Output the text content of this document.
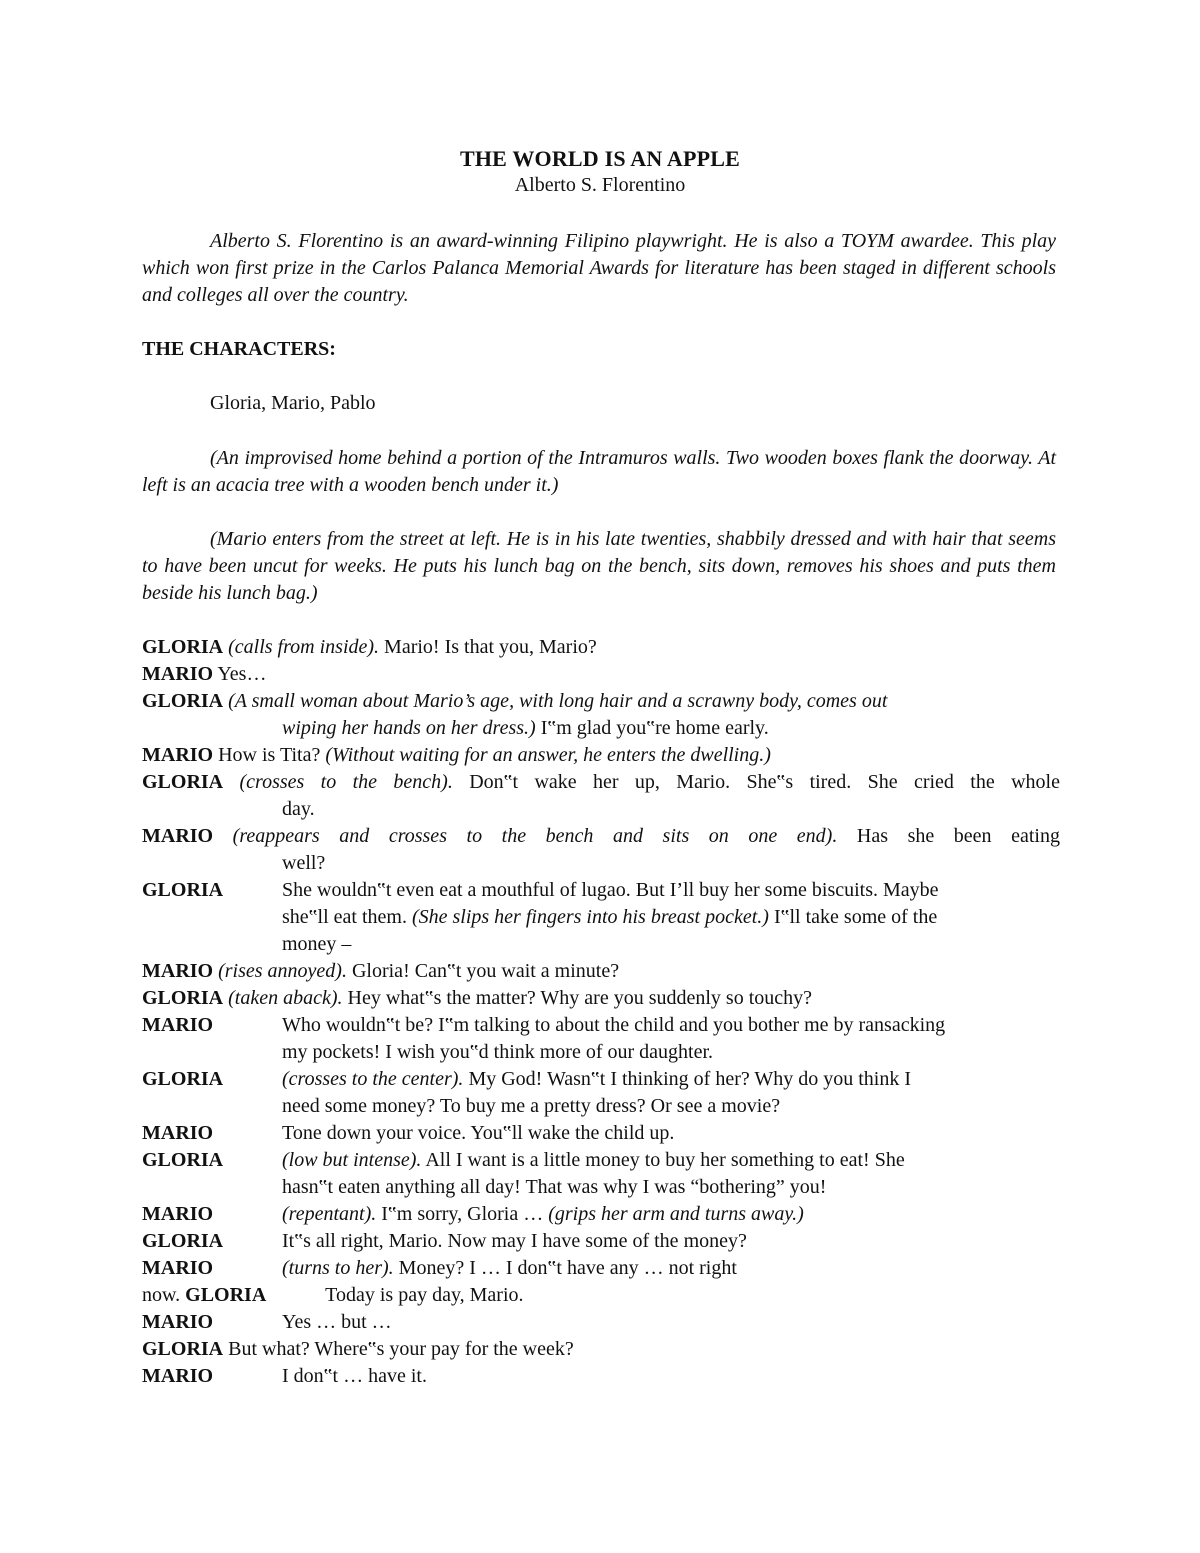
THE WORLD IS AN APPLE
Alberto S. Florentino
Alberto S. Florentino is an award-winning Filipino playwright. He is also a TOYM awardee. This play which won first prize in the Carlos Palanca Memorial Awards for literature has been staged in different schools and colleges all over the country.
THE CHARACTERS:
Gloria, Mario, Pablo
(An improvised home behind a portion of the Intramuros walls. Two wooden boxes flank the doorway. At left is an acacia tree with a wooden bench under it.)
(Mario enters from the street at left. He is in his late twenties, shabbily dressed and with hair that seems to have been uncut for weeks. He puts his lunch bag on the bench, sits down, removes his shoes and puts them beside his lunch bag.)
GLORIA (calls from inside). Mario! Is that you, Mario?
MARIO Yes…
GLORIA (A small woman about Mario’s age, with long hair and a scrawny body, comes out
wiping her hands on her dress.) I‟m glad you‟re home early.
MARIO How is Tita? (Without waiting for an answer, he enters the dwelling.)
GLORIA (crosses to the bench). Don‟t wake her up, Mario. She‟s tired. She cried the whole
day.
MARIO (reappears and crosses to the bench and sits on one end). Has she been eating
well?
GLORIA	She wouldn‟t even eat a mouthful of lugao. But I’ll buy her some biscuits. Maybe
she‟ll eat them. (She slips her fingers into his breast pocket.) I‟ll take some of the
money –
MARIO (rises annoyed). Gloria! Can‟t you wait a minute?
GLORIA (taken aback). Hey what‟s the matter? Why are you suddenly so touchy?
MARIO	Who wouldn‟t be? I‟m talking to about the child and you bother me by ransacking
my pockets! I wish you‟d think more of our daughter.
GLORIA	(crosses to the center). My God! Wasn‟t I thinking of her? Why do you think I
need some money? To buy me a pretty dress? Or see a movie?
MARIO	Tone down your voice. You‟ll wake the child up.
GLORIA	(low but intense). All I want is a little money to buy her something to eat! She
hasn‟t eaten anything all day! That was why I was “bothering” you!
MARIO	(repentant). I‟m sorry, Gloria … (grips her arm and turns away.)
GLORIA	It‟s all right, Mario. Now may I have some of the money?
MARIO	(turns to her). Money? I … I don‟t have any … not right
now. GLORIA	Today is pay day, Mario.
MARIO	Yes … but …
GLORIA But what? Where‟s your pay for the week?
MARIO	I don‟t … have it.
